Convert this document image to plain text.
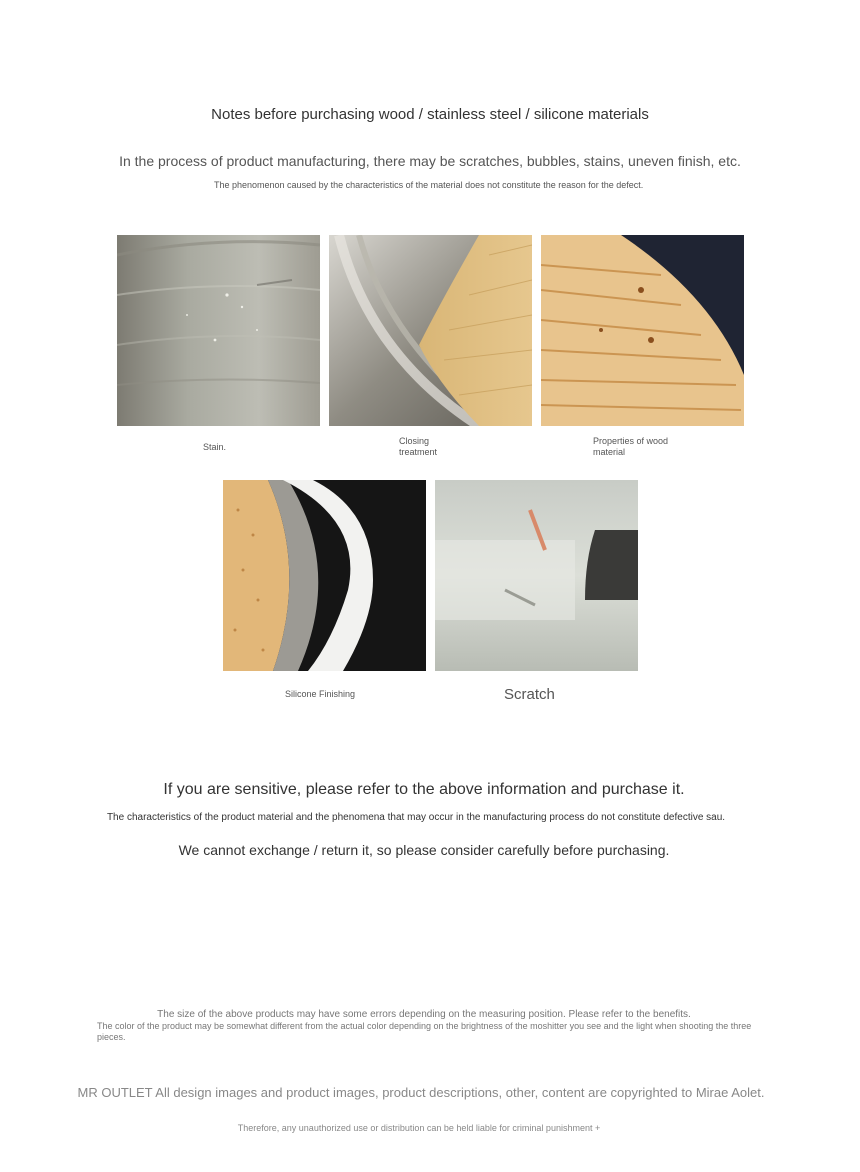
Notes before purchasing wood / stainless steel / silicone materials
In the process of product manufacturing, there may be scratches, bubbles, stains, uneven finish, etc.
The phenomenon caused by the characteristics of the material does not constitute the reason for the defect.
Stain.
Closing treatment
Properties of wood material
Silicone Finishing	Scratch
If you are sensitive, please refer to the above information and purchase it.
The characteristics of the product material and the phenomena that may occur in the manufacturing process do not constitute defective sau.
We cannot exchange / return it, so please consider carefully before purchasing.
The size of the above products may have some errors depending on the measuring position. Please refer to the benefits.
The color of the product may be somewhat different from the actual color depending on the brightness of the moshitter you see and the light when shooting the three pieces.
MR OUTLET All design images and product images, product descriptions, other, content are copyrighted to Mirae Aolet.
Therefore, any unauthorized use or distribution can be held liable for criminal punishment +
